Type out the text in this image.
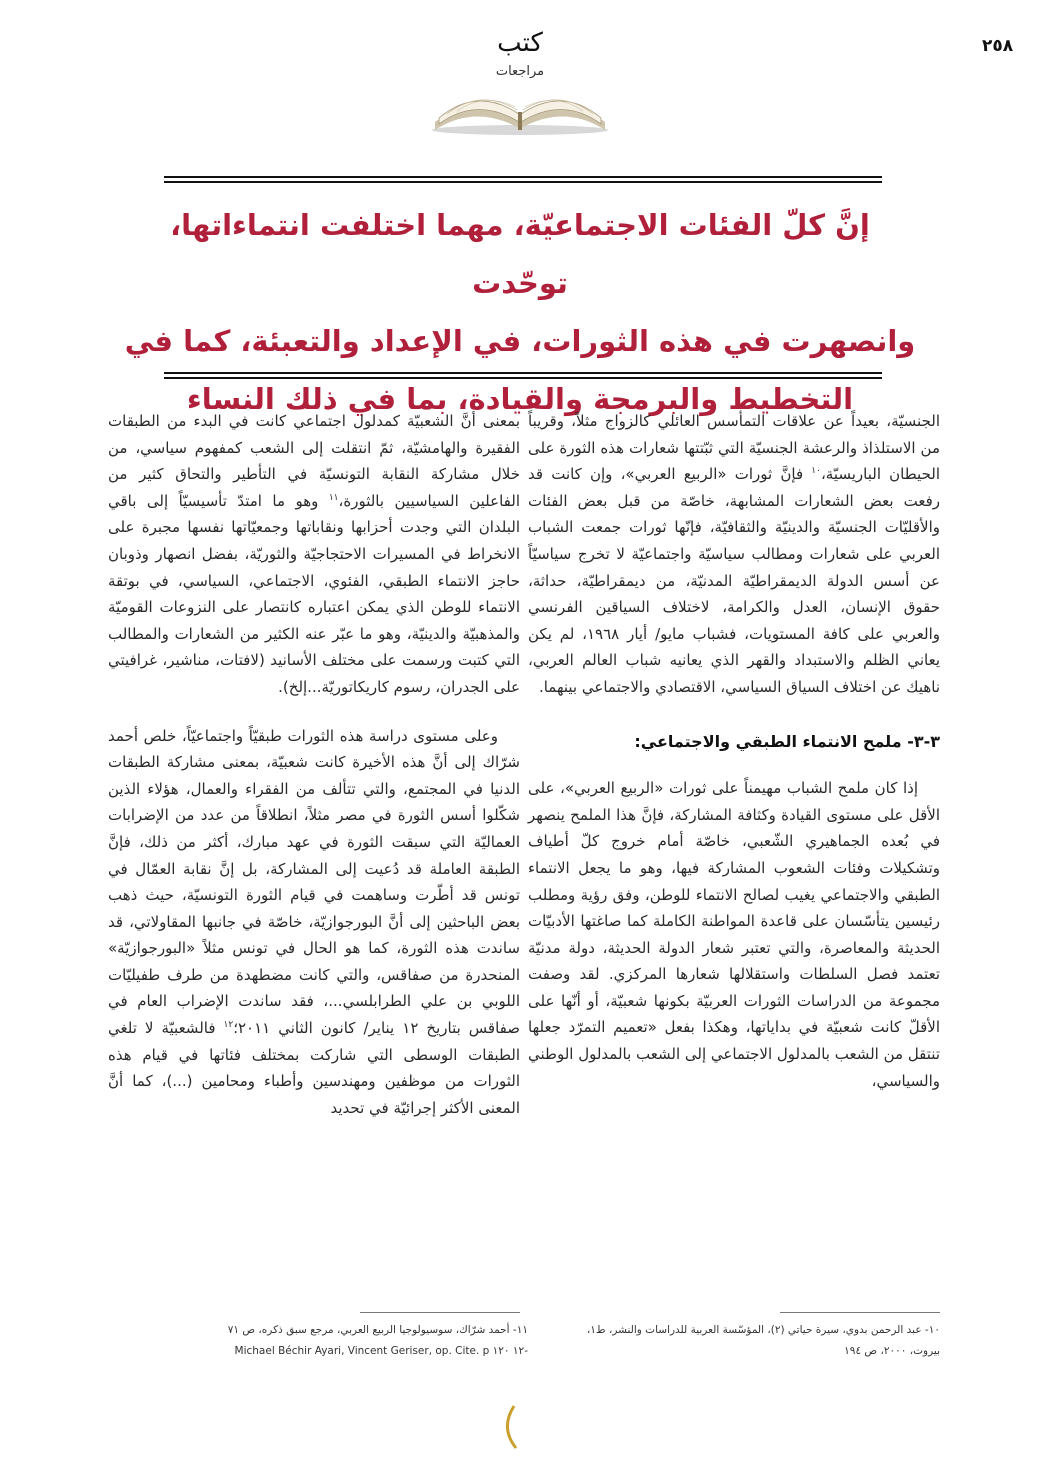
٢٥٨
كتب
مراجعات
إنَّ كلّ الفئات الاجتماعيّة، مهما اختلفت انتماءاتها، توحّدت
وانصهرت في هذه الثورات، في الإعداد والتعبئة، كما في
التخطيط والبرمجة والقيادة، بما في ذلك النساء

الجنسيّة، بعيداً عن علاقات التمأسس العائلي كالزواج مثلاً، وقريباً من الاستلذاذ والرعشة الجنسيّة التي ثبّتتها شعارات هذه الثورة على الحيطان الباريسيّة،$^{١٠}$ فإنَّ ثورات «الربيع العربي»، وإن كانت قد رفعت بعض الشعارات المشابهة، خاصّة من قبل بعض الفئات والأقليّات الجنسيّة والدينيّة والثقافيّة، فإنّها ثورات جمعت الشباب العربي على شعارات ومطالب سياسيّة واجتماعيّة لا تخرج سياسيّاً عن أسس الدولة الديمقراطيّة المدنيّة، من ديمقراطيّة، حداثة، حقوق الإنسان، العدل والكرامة، لاختلاف السياقين الفرنسي والعربي على كافة المستويات، فشباب مايو/ أيار ١٩٦٨، لم يكن يعاني الظلم والاستبداد والقهر الذي يعانيه شباب العالم العربي، ناهيك عن اختلاف السياق السياسي، الاقتصادي والاجتماعي بينهما.

٣-٣- ملمح الانتماء الطبقي والاجتماعي:

إذا كان ملمح الشباب مهيمناً على ثورات «الربيع العربي»، على الأقل على مستوى القيادة وكثافة المشاركة، فإنَّ هذا الملمح ينصهر في بُعده الجماهيري الشّعبي، خاصّة أمام خروج كلّ أطياف وتشكيلات وفئات الشعوب المشاركة فيها، وهو ما يجعل الانتماء الطبقي والاجتماعي يغيب لصالح الانتماء للوطن، وفق رؤية ومطلب رئيسين يتأسّسان على قاعدة المواطنة الكاملة كما صاغتها الأدبيّات الحديثة والمعاصرة، والتي تعتبر شعار الدولة الحديثة، دولة مدنيّة تعتمد فصل السلطات واستقلالها شعارها المركزي. لقد وصفت مجموعة من الدراسات الثورات العربيّة بكونها شعبيّة، أو أنّها على الأقلّ كانت شعبيّة في بداياتها، وهكذا بفعل «تعميم التمرّد جعلها تنتقل من الشعب بالمدلول الاجتماعي إلى الشعب بالمدلول الوطني والسياسي،

بمعنى أنَّ الشعبيّة كمدلول اجتماعي كانت في البدء من الطبقات الفقيرة والهامشيّة، ثمّ انتقلت إلى الشعب كمفهوم سياسي، من خلال مشاركة النقابة التونسيّة في التأطير والتحاق كثير من الفاعلين السياسيين بالثورة،$^{١١}$ وهو ما امتدّ تأسيسيّاً إلى باقي البلدان التي وجدت أحزابها ونقاباتها وجمعيّاتها نفسها مجبرة على الانخراط في المسيرات الاحتجاجيّة والثوريّة، بفضل انصهار وذوبان حاجز الانتماء الطبقي، الفئوي، الاجتماعي، السياسي، في بوتقة الانتماء للوطن الذي يمكن اعتباره كانتصار على النزوعات القوميّة والمذهبيّة والدينيّة، وهو ما عبّر عنه الكثير من الشعارات والمطالب التي كتبت ورسمت على مختلف الأسانيد (لافتات، مناشير، غرافيتي على الجدران، رسوم كاريكاتوريّة...إلخ).

وعلى مستوى دراسة هذه الثورات طبقيّاً واجتماعيّاً، خلص أحمد شرّاك إلى أنَّ هذه الأخيرة كانت شعبيّة، بمعنى مشاركة الطبقات الدنيا في المجتمع، والتي تتألف من الفقراء والعمال، هؤلاء الذين شكّلوا أسس الثورة في مصر مثلاً، انطلاقاً من عدد من الإضرابات العماليّة التي سبقت الثورة في عهد مبارك، أكثر من ذلك، فإنَّ الطبقة العاملة قد دُعيت إلى المشاركة، بل إنَّ نقابة العمّال في تونس قد أطّرت وساهمت في قيام الثورة التونسيّة، حيث ذهب بعض الباحثين إلى أنَّ البورجوازيّة، خاصّة في جانبها المقاولاتي، قد ساندت هذه الثورة، كما هو الحال في تونس مثلاً «البورجوازيّة» المنحدرة من صفاقس، والتي كانت مضطهدة من طرف طفيليّات اللوبي بن علي الطرابلسي...، فقد ساندت الإضراب العام في صفاقس بتاريخ ١٢ يناير/ كانون الثاني ٢٠١١؛$^{١٢}$ فالشعبيّة لا تلغي الطبقات الوسطى التي شاركت بمختلف فئاتها في قيام هذه الثورات من موظفين ومهندسين وأطباء ومحامين (...)، كما أنَّ المعنى الأكثر إجرائيّة في تحديد

١٠- عبد الرحمن بدوي، سيرة حياتي (٢)، المؤسّسة العربية للدراسات والنشر، ط١،
بيروت، ٢٠٠٠، ص ١٩٤
١١- أحمد شرّاك، سوسيولوجيا الربيع العربي، مرجع سبق ذكره، ص ٧١
-١٢ Michael Béchir Ayari, Vincent Geriser, op. Cite. p ١٢٠
